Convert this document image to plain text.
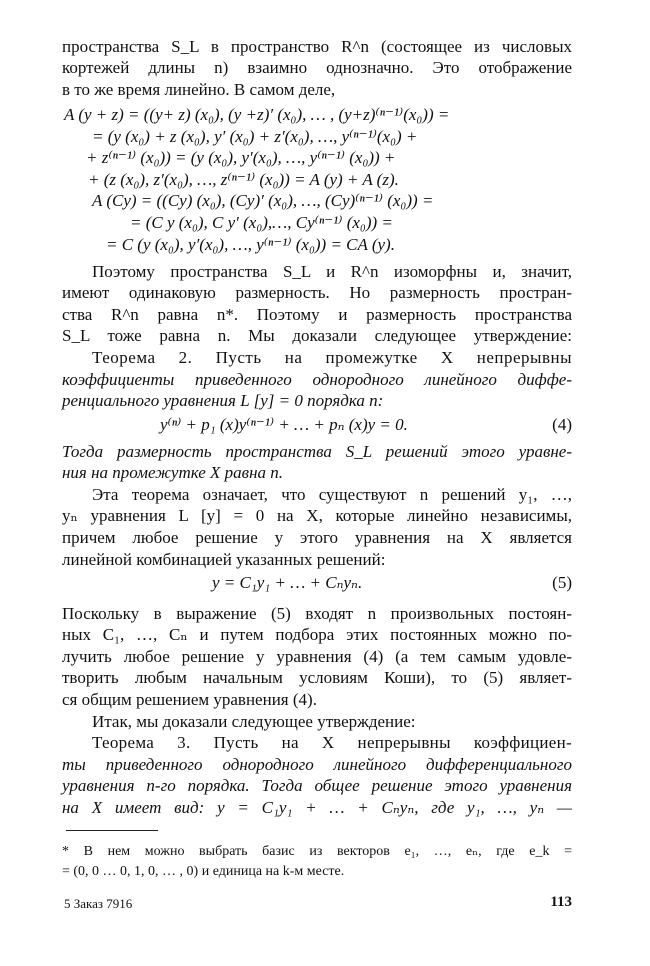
пространства S_L в пространство R^n (состоящее из числовых
кортежей длины n) взаимно однозначно. Это отображение
в то же время линейно. В самом деле,
A (y + z) = ((y+ z) (x₀), (y +z)′ (x₀), … , (y+z)⁽ⁿ⁻¹⁾(x₀)) =
= (y (x₀) + z (x₀), y′ (x₀) + z′(x₀), …, y⁽ⁿ⁻¹⁾(x₀) +
+ z⁽ⁿ⁻¹⁾ (x₀)) = (y (x₀), y′(x₀), …, y⁽ⁿ⁻¹⁾ (x₀)) +
+ (z (x₀), z′(x₀), …, z⁽ⁿ⁻¹⁾ (x₀)) = A (y) + A (z).
A (Cy) = ((Cy) (x₀), (Cy)′ (x₀), …, (Cy)⁽ⁿ⁻¹⁾ (x₀)) =
= (C y (x₀), C y′ (x₀),…, Cy⁽ⁿ⁻¹⁾ (x₀)) =
= C (y (x₀), y′(x₀), …, y⁽ⁿ⁻¹⁾ (x₀)) = CA (y).
Поэтому пространства S_L и R^n изоморфны и, значит,
имеют одинаковую размерность. Но размерность простран-
ства R^n равна n*. Поэтому и размерность пространства
S_L тоже равна n. Мы доказали следующее утверждение:
Теорема 2. Пусть на промежутке X непрерывны
коэффициенты приведенного однородного линейного диффе-
ренциального уравнения L [y] = 0 порядка n:
y⁽ⁿ⁾ + p₁ (x)y⁽ⁿ⁻¹⁾ + … + pₙ (x)y = 0.	(4)
Тогда размерность пространства S_L решений этого уравне-
ния на промежутке X равна n.
Эта теорема означает, что существуют n решений y₁, …,
yₙ уравнения L [y] = 0 на X, которые линейно независимы,
причем любое решение y этого уравнения на X является
линейной комбинацией указанных решений:
y = C₁y₁ + … + Cₙyₙ.	(5)
Поскольку в выражение (5) входят n произвольных постоян-
ных C₁, …, Cₙ и путем подбора этих постоянных можно по-
лучить любое решение y уравнения (4) (а тем самым удовле-
творить любым начальным условиям Коши), то (5) являет-
ся общим решением уравнения (4).
Итак, мы доказали следующее утверждение:
Теорема 3. Пусть на X непрерывны коэффициен-
ты приведенного однородного линейного дифференциального
уравнения n-го порядка. Тогда общее решение этого уравнения
на X имеет вид: y = C₁y₁ + … + Cₙyₙ, где y₁, …, yₙ —
* В нем можно выбрать базис из векторов e₁, …, eₙ, где e_k =
= (0, 0 … 0, 1, 0, … , 0) и единица на k-м месте.
5 Заказ 7916	113
